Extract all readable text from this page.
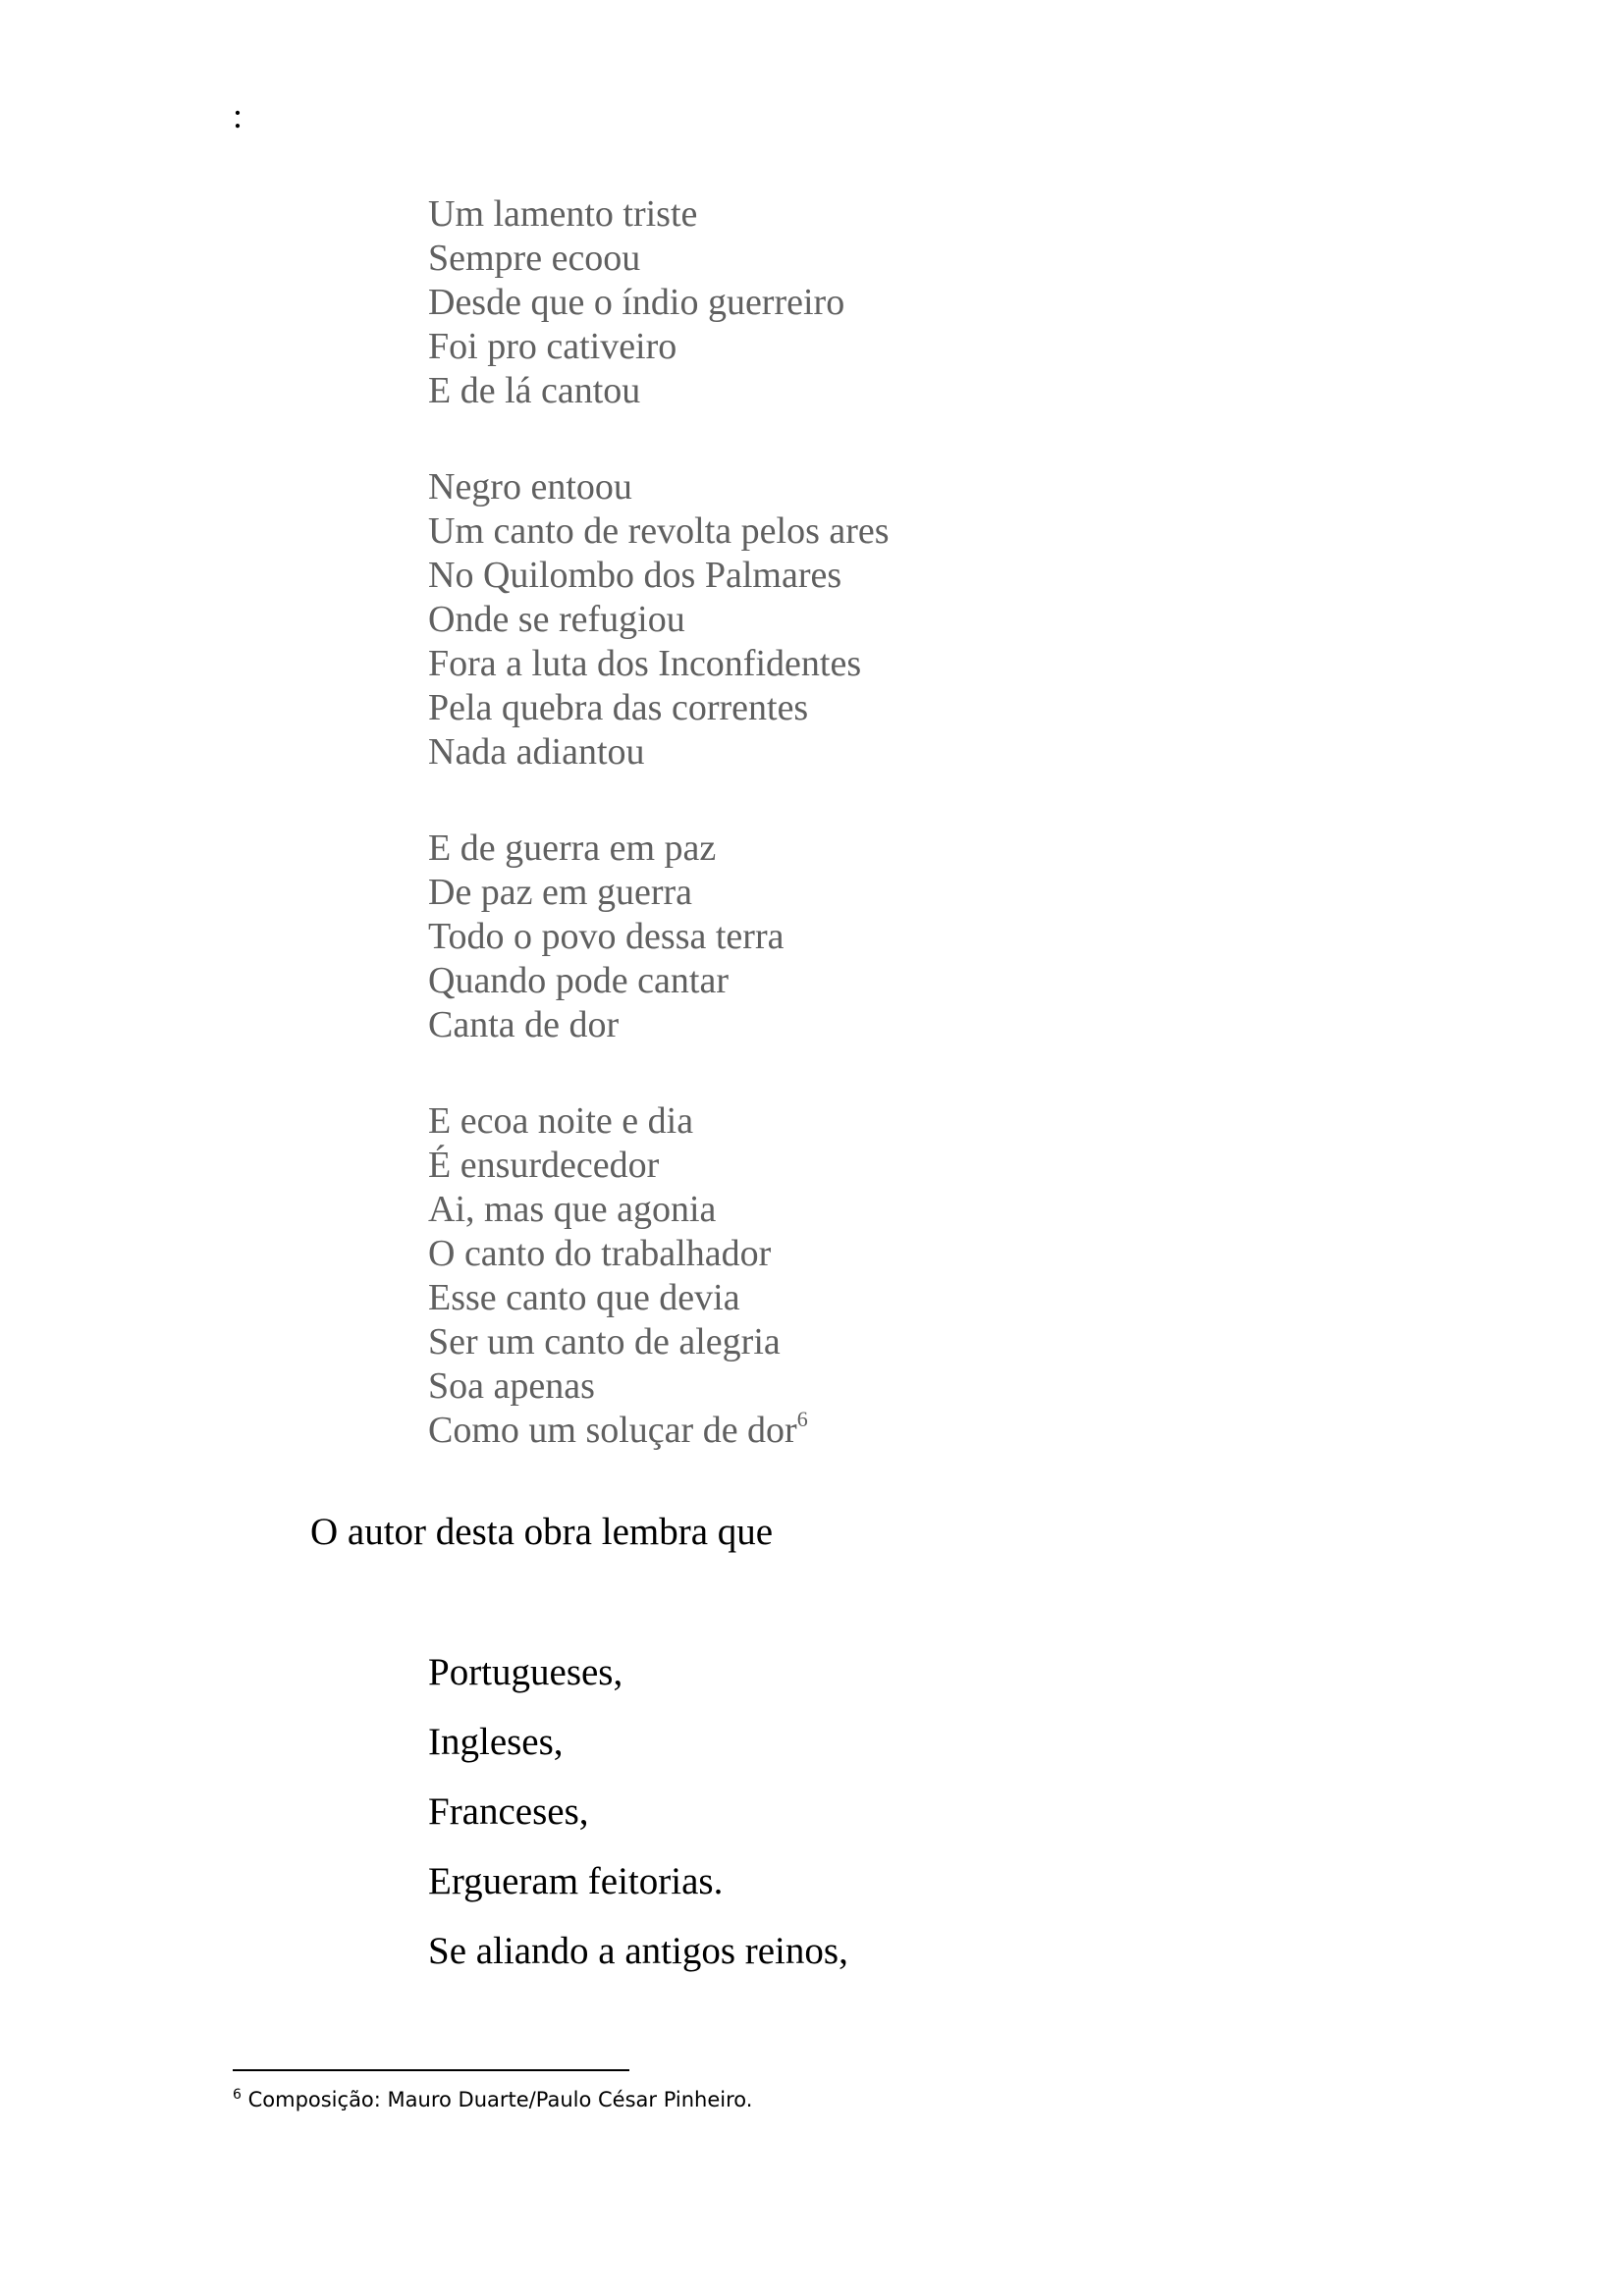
:
Um lamento triste
Sempre ecoou
Desde que o índio guerreiro
Foi pro cativeiro
E de lá cantou
Negro entoou
Um canto de revolta pelos ares
No Quilombo dos Palmares
Onde se refugiou
Fora a luta dos Inconfidentes
Pela quebra das correntes
Nada adiantou
E de guerra em paz
De paz em guerra
Todo o povo dessa terra
Quando pode cantar
Canta de dor
E ecoa noite e dia
É ensurdecedor
Ai, mas que agonia
O canto do trabalhador
Esse canto que devia
Ser um canto de alegria
Soa apenas
Como um soluçar de dor$^6$
O autor desta obra lembra que
Portugueses,
Ingleses,
Franceses,
Ergueram feitorias.
Se aliando a antigos reinos,
$^6$ Composição: Mauro Duarte/Paulo César Pinheiro.
